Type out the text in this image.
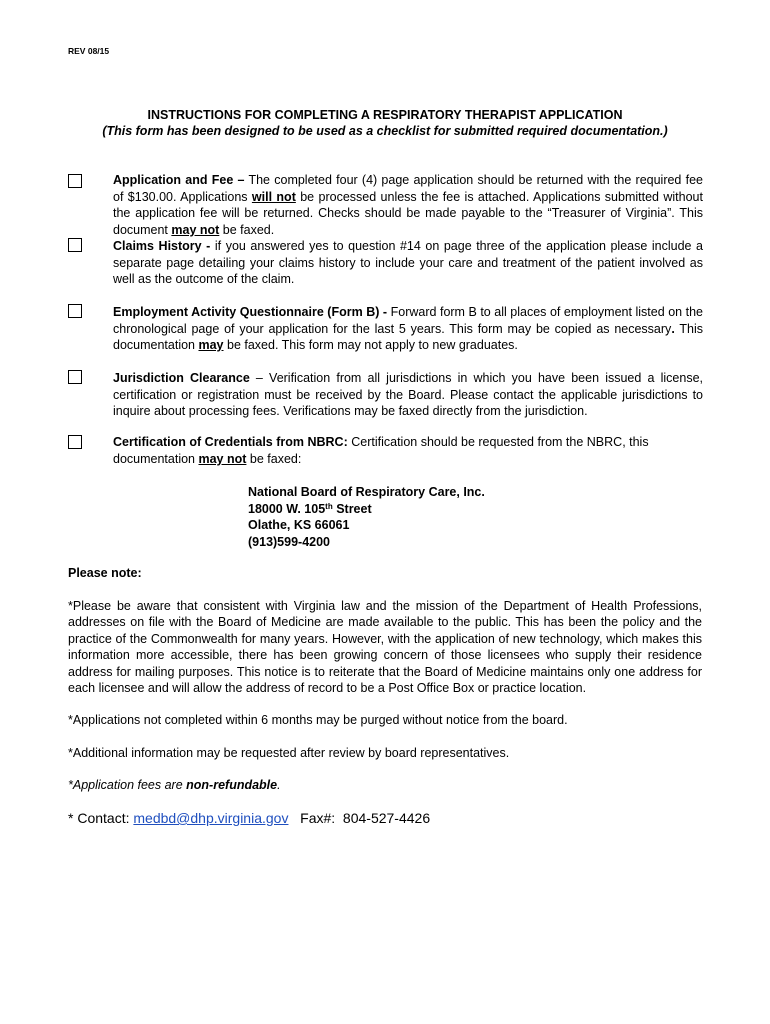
REV 08/15
INSTRUCTIONS FOR COMPLETING A RESPIRATORY THERAPIST APPLICATION
(This form has been designed to be used as a checklist for submitted required documentation.)
Application and Fee – The completed four (4) page application should be returned with the required fee of $130.00. Applications will not be processed unless the fee is attached. Applications submitted without the application fee will be returned. Checks should be made payable to the “Treasurer of Virginia”. This document may not be faxed.
Claims History - if you answered yes to question #14 on page three of the application please include a separate page detailing your claims history to include your care and treatment of the patient involved as well as the outcome of the claim.
Employment Activity Questionnaire (Form B) - Forward form B to all places of employment listed on the chronological page of your application for the last 5 years. This form may be copied as necessary. This documentation may be faxed. This form may not apply to new graduates.
Jurisdiction Clearance – Verification from all jurisdictions in which you have been issued a license, certification or registration must be received by the Board. Please contact the applicable jurisdictions to inquire about processing fees. Verifications may be faxed directly from the jurisdiction.
Certification of Credentials from NBRC: Certification should be requested from the NBRC, this documentation may not be faxed:
National Board of Respiratory Care, Inc.
18000 W. 105th Street
Olathe, KS 66061
(913)599-4200
Please note:
*Please be aware that consistent with Virginia law and the mission of the Department of Health Professions, addresses on file with the Board of Medicine are made available to the public. This has been the policy and the practice of the Commonwealth for many years. However, with the application of new technology, which makes this information more accessible, there has been growing concern of those licensees who supply their residence address for mailing purposes. This notice is to reiterate that the Board of Medicine maintains only one address for each licensee and will allow the address of record to be a Post Office Box or practice location.
*Applications not completed within 6 months may be purged without notice from the board.
*Additional information may be requested after review by board representatives.
*Application fees are non-refundable.
* Contact: medbd@dhp.virginia.gov   Fax#:  804-527-4426
